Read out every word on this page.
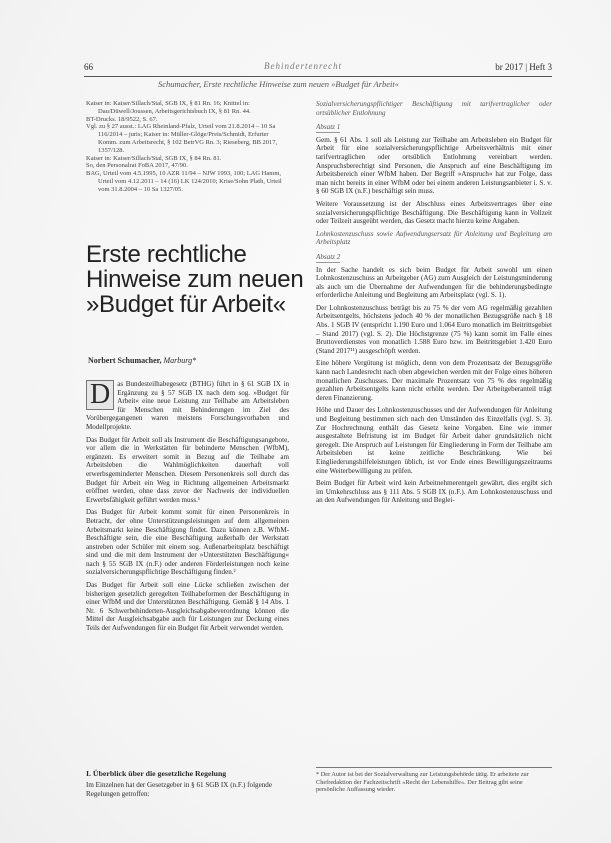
66	Behindertenrecht	br 2017 | Heft 3
Schumacher, Erste rechtliche Hinweise zum neuen »Budget für Arbeit«

Kaiser in: Kaiser/Sillach/Stal, SGB IX, § 81 Rn. 16; Knittel in: Dau/Düwell/Joussen, Arbeitsgerichtsbuch IX, § 81 Rn. 44.

BT-Drucks. 18/9522, S. 67.

Vgl. zu § 27 ausst.: LAG Rheinland-Pfalz, Urteil vom 21.8.2014 – 10 Sa 116/2014 – juris; Kaiser in: Müller-Glöge/Preis/Schmidt, Erfurter Komm. zum Arbeitsrecht, § 102 BetrVG Rn. 3; Rieseberg, BB 2017, 1357/128.

Kaiser in: Kaiser/Sillach/Stal, SGB IX, § 84 Rn. 81.

So, den Personalrat FoBA 2017, 47/90.

BAG, Urteil vom 4.5.1995, 10 AZR 11/94 – NJW 1993, 100; LAG Hamm, Urteil vom 4.12.2011 – 14 (16) LK 124/2010; Krise/Sohn Plath, Urteil vom 31.8.2004 – 10 Sa 1327/05.

Erste rechtliche
Hinweise zum neuen
»Budget für Arbeit«
Norbert Schumacher, Marburg*

D as Bundesteilhabegesetz (BTHG) führt in § 61 SGB IX in Ergänzung zu § 57 SGB IX nach dem sog. »Budget für Arbeit« eine neue Leistung zur Teilhabe am Arbeitsleben für Menschen mit Behinderungen im Ziel des Vorübergegangenen waren meistens Forschungsvorhaben und Modellprojekte.

Das Budget für Arbeit soll als Instrument die Beschäftigungsangebote, vor allem die in Werkstätten für behinderte Menschen (WfbM), ergänzen. Es erweitert somit in Bezug auf die Teilhabe am Arbeitsleben die Wahlmöglichkeiten dauerhaft voll erwerbsgeminderter Menschen. Diesem Personenkreis soll durch das Budget für Arbeit ein Weg in Richtung allgemeinen Arbeitsmarkt eröffnet werden, ohne dass zuvor der Nachweis der individuellen Erwerbsfähigkeit geführt werden muss.¹

Das Budget für Arbeit kommt somit für einen Personenkreis in Betracht, der ohne Unterstützungsleistungen auf dem allgemeinen Arbeitsmarkt keine Beschäftigung findet. Dazu können z.B. WfbM-Beschäftigte sein, die eine Beschäftigung außerhalb der Werkstatt anstreben oder Schüler mit einem sog. Außenarbeitsplatz beschäftigt sind und die mit dem Instrument der »Unterstützten Beschäftigung« nach § 55 SGB IX (n.F.) oder anderen Förderleistungen noch keine sozialversicherungspflichtige Beschäftigung finden.²

Das Budget für Arbeit soll eine Lücke schließen zwischen der bisherigen gesetzlich geregelten Teilhabeformen der Beschäftigung in einer WfbM und der Unterstützten Beschäftigung. Gemäß § 14 Abs. 1 Nr. 6 Schwerbehinderten-Ausgleichsabgabeverordnung können die Mittel der Ausgleichsabgabe auch für Leistungen zur Deckung eines Teils der Aufwendungen für ein Budget für Arbeit verwendet werden.

I. Überblick über die gesetzliche Regelung
Im Einzelnen hat der Gesetzgeber in § 61 SGB IX (n.F.) folgende Regelungen getroffen:

Sozialversicherungspflichtiger Beschäftigung mit tarifvertraglicher oder ortsüblicher Entlohnung

Absatz 1

Gem. § 61 Abs. 1 soll als Leistung zur Teilhabe am Arbeitsleben ein Budget für Arbeit für eine sozialversicherungspflichtige Arbeitsverhältnis mit einer tarifvertraglichen oder ortsüblich Entlohnung vereinbart werden. Anspruchsberechtigt sind Personen, die Anspruch auf eine Beschäftigung im Arbeitsbereich einer WfbM haben. Der Begriff »Anspruch« hat zur Folge, dass man nicht bereits in einer WfbM oder bei einem anderen Leistungsanbieter i. S. v. § 60 SGB IX (n.F.) beschäftigt sein muss.

Weitere Voraussetzung ist der Abschluss eines Arbeitsvertrages über eine sozialversicherungspflichtige Beschäftigung. Die Beschäftigung kann in Vollzeit oder Teilzeit ausgeübt werden, das Gesetz macht hierzu keine Angaben.

Lohnkostenzuschuss sowie Aufwendungsersatz für Anleitung und Begleitung am Arbeitsplatz

Absatz 2

In der Sache handelt es sich beim Budget für Arbeit sowohl um einen Lohnkostenzuschuss an Arbeitgeber (AG) zum Ausgleich der Leistungsminderung als auch um die Übernahme der Aufwendungen für die behinderungsbedingte erforderliche Anleitung und Begleitung am Arbeitsplatz (vgl. S. 1).

Der Lohnkostenzuschuss beträgt bis zu 75 % der vom AG regelmäßig gezahlten Arbeitsentgelts, höchstens jedoch 40 % der monatlichen Bezugsgröße nach § 18 Abs. 1 SGB IV (entspricht 1.190 Euro und 1.064 Euro monatlich im Beitrittsgebiet – Stand 2017) (vgl. S. 2). Die Höchstgrenze (75 %) kann somit im Falle eines Bruttoverdienstes von monatlich 1.588 Euro bzw. im Beitrittsgebiet 1.420 Euro (Stand 2017¹¹) ausgeschöpft werden.

Eine höhere Vergütung ist möglich, denn von dem Prozentsatz der Bezugsgröße kann nach Landesrecht nach oben abgewichen werden mit der Folge eines höheren monatlichen Zuschusses. Der maximale Prozentsatz von 75 % des regelmäßig gezahlten Arbeitsentgelts kann nicht erhöht werden. Der Arbeitgeberanteil trägt deren Finanzierung.

Höhe und Dauer des Lohnkostenzuschusses und der Aufwendungen für Anleitung und Begleitung bestimmen sich nach den Umständen des Einzelfalls (vgl. S. 3). Zur Hochrechnung enthält das Gesetz keine Vorgaben. Eine wie immer ausgestaltete Befristung ist im Budget für Arbeit daher grundsätzlich nicht geregelt. Die Anspruch auf Leistungen für Eingliederung in Form der Teilhabe am Arbeitsleben ist keine zeitliche Beschränkung. Wie bei Eingliederungshilfeleistungen üblich, ist vor Ende eines Bewilligungszeitraums eine Weiterbewilligung zu prüfen.

Beim Budget für Arbeit wird kein Arbeitnehmerentgelt gewährt, dies ergibt sich im Umkehrschluss aus § 111 Abs. 5 SGB IX (n.F.). Am Lohnkostenzuschuss und an den Aufwendungen für Anleitung und Beglei-

* Der Autor ist bei der Sozialverwaltung zur Leistungsbehörde tätig. Er arbeitete zur Chefredaktion der Fachzeitschrift »Recht der Lebenshilfe«. Der Beitrag gibt seine persönliche Auffassung wieder.
